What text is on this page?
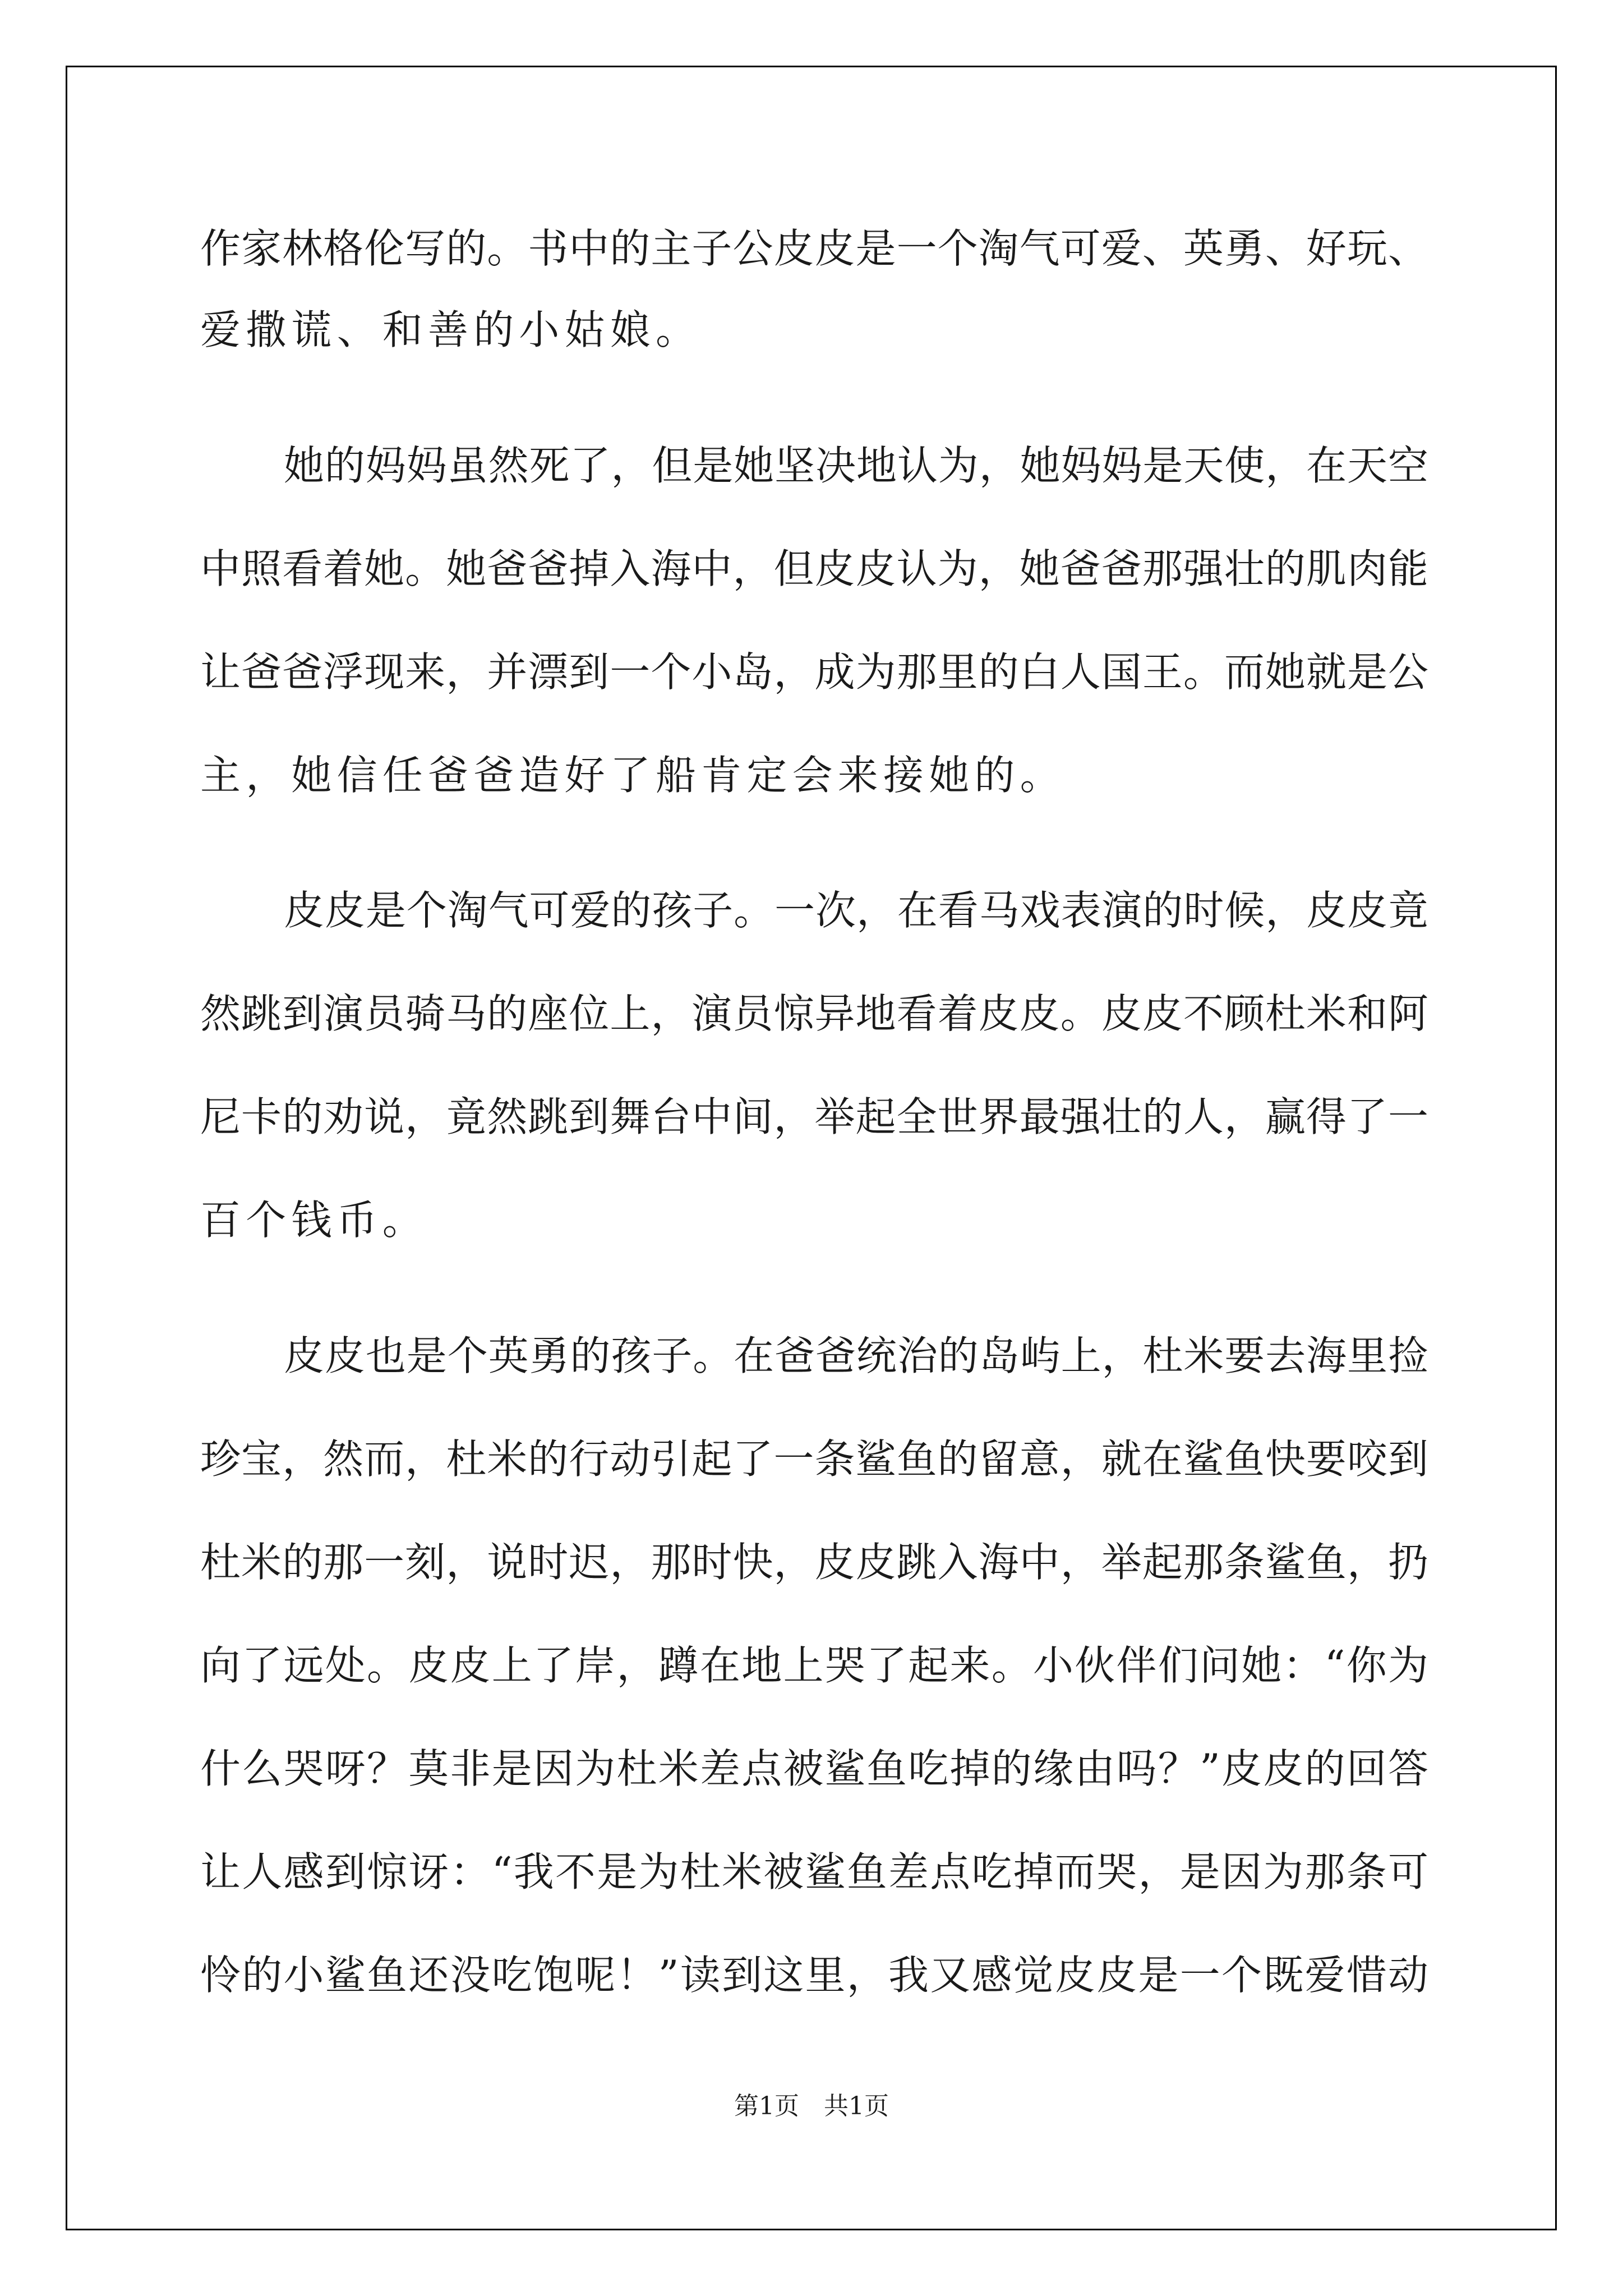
作家林格伦写的。书中的主子公皮皮是一个淘气可爱、英勇、好玩、

爱撒谎、和善的小姑娘。

她的妈妈虽然死了，但是她坚决地认为，她妈妈是天使，在天空

中照看着她。她爸爸掉入海中，但皮皮认为，她爸爸那强壮的肌肉能

让爸爸浮现来，并漂到一个小岛，成为那里的白人国王。而她就是公

主，她信任爸爸造好了船肯定会来接她的。

皮皮是个淘气可爱的孩子。一次，在看马戏表演的时候，皮皮竟

然跳到演员骑马的座位上，演员惊异地看着皮皮。皮皮不顾杜米和阿

尼卡的劝说，竟然跳到舞台中间，举起全世界最强壮的人，赢得了一

百个钱币。

皮皮也是个英勇的孩子。在爸爸统治的岛屿上，杜米要去海里捡

珍宝，然而，杜米的行动引起了一条鲨鱼的留意，就在鲨鱼快要咬到

杜米的那一刻，说时迟，那时快，皮皮跳入海中，举起那条鲨鱼，扔

向了远处。皮皮上了岸，蹲在地上哭了起来。小伙伴们问她：“你为

什么哭呀？莫非是因为杜米差点被鲨鱼吃掉的缘由吗？”皮皮的回答

让人感到惊讶：“我不是为杜米被鲨鱼差点吃掉而哭，是因为那条可

怜的小鲨鱼还没吃饱呢！”读到这里，我又感觉皮皮是一个既爱惜动

第1页　共1页
